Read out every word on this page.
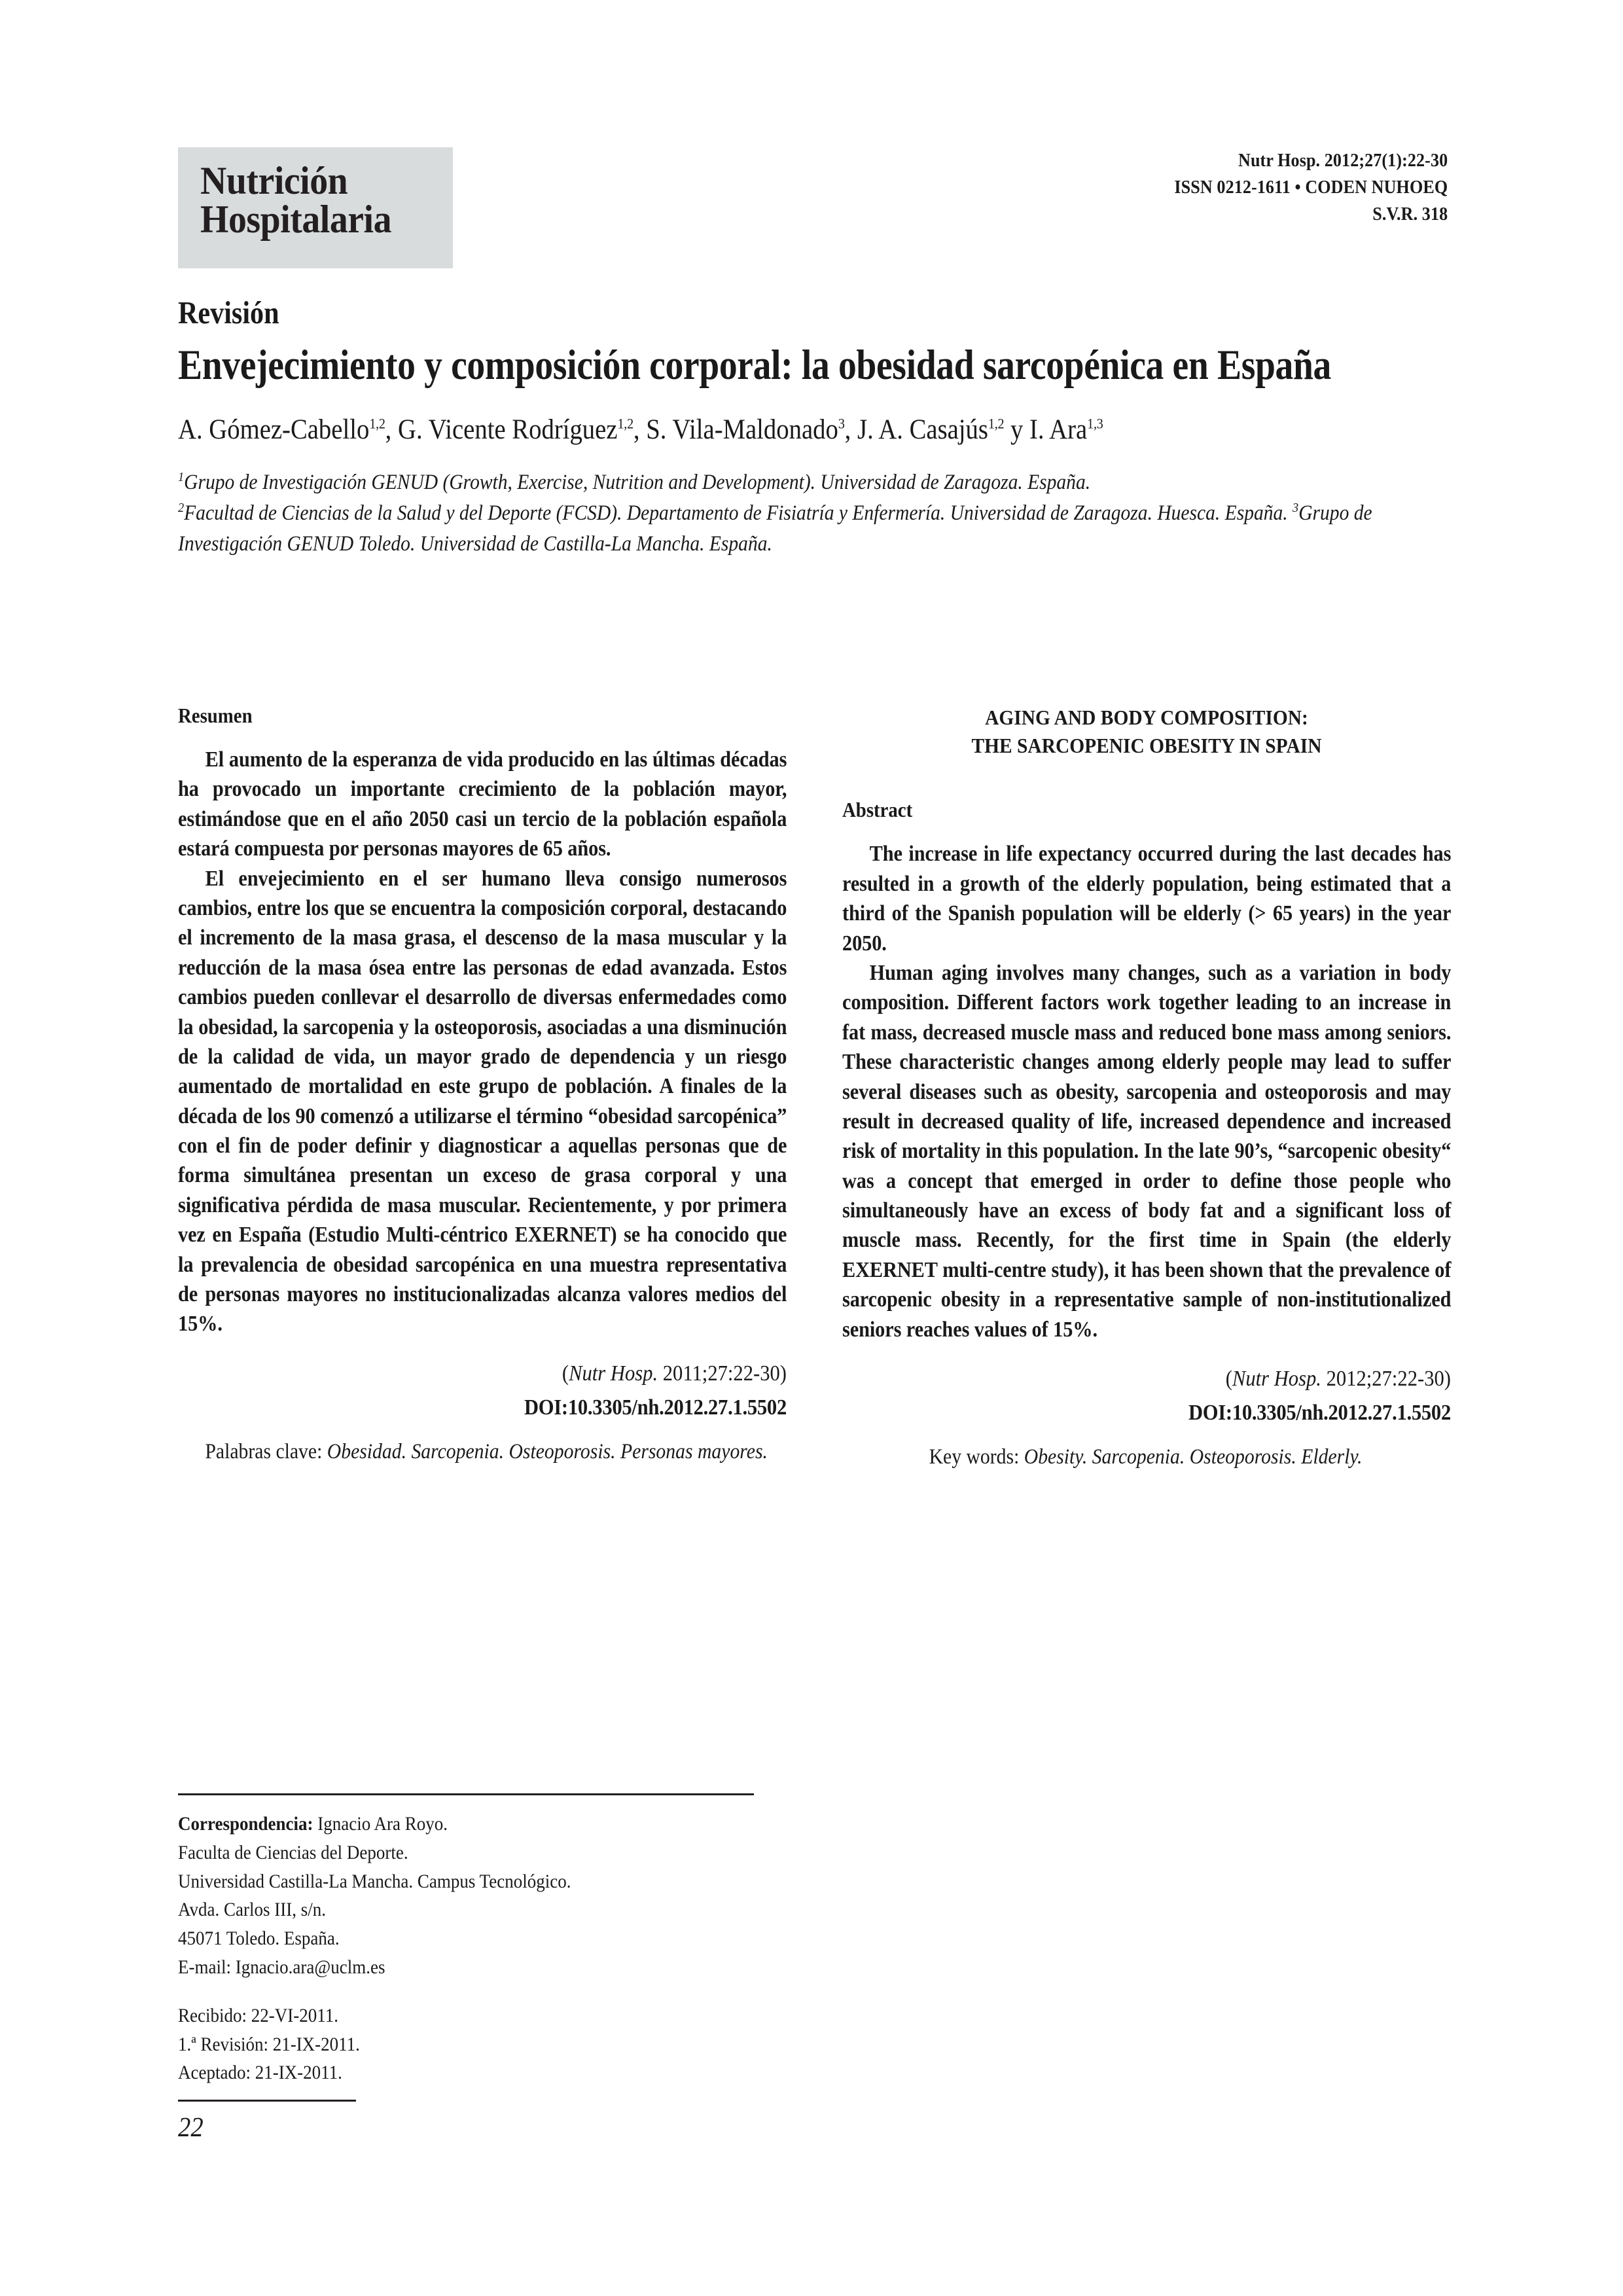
Nutrición
Hospitalaria
Nutr Hosp. 2012;27(1):22-30
ISSN 0212-1611 • CODEN NUHOEQ
S.V.R. 318
Revisión
Envejecimiento y composición corporal: la obesidad sarcopénica en España
A. Gómez-Cabello$^{1,2}$, G. Vicente Rodríguez$^{1,2}$, S. Vila-Maldonado$^3$, J. A. Casajús$^{1,2}$ y I. Ara$^{1,3}$
$^1$Grupo de Investigación GENUD (Growth, Exercise, Nutrition and Development). Universidad de Zaragoza. España.
$^2$Facultad de Ciencias de la Salud y del Deporte (FCSD). Departamento de Fisiatría y Enfermería. Universidad de Zaragoza. Huesca. España. $^3$Grupo de Investigación GENUD Toledo. Universidad de Castilla-La Mancha. España.
Resumen

El aumento de la esperanza de vida producido en las últimas décadas ha provocado un importante crecimiento de la población mayor, estimándose que en el año 2050 casi un tercio de la población española estará compuesta por personas mayores de 65 años.

El envejecimiento en el ser humano lleva consigo numerosos cambios, entre los que se encuentra la composición corporal, destacando el incremento de la masa grasa, el descenso de la masa muscular y la reducción de la masa ósea entre las personas de edad avanzada. Estos cambios pueden conllevar el desarrollo de diversas enfermedades como la obesidad, la sarcopenia y la osteoporosis, asociadas a una disminución de la calidad de vida, un mayor grado de dependencia y un riesgo aumentado de mortalidad en este grupo de población. A finales de la década de los 90 comenzó a utilizarse el término “obesidad sarcopénica” con el fin de poder definir y diagnosticar a aquellas personas que de forma simultánea presentan un exceso de grasa corporal y una significativa pérdida de masa muscular. Recientemente, y por primera vez en España (Estudio Multi-céntrico EXERNET) se ha conocido que la prevalencia de obesidad sarcopénica en una muestra representativa de personas mayores no institucionalizadas alcanza valores medios del 15%.

(Nutr Hosp. 2011;27:22-30)
DOI:10.3305/nh.2012.27.1.5502
Palabras clave: Obesidad. Sarcopenia. Osteoporosis. Personas mayores.
AGING AND BODY COMPOSITION:
THE SARCOPENIC OBESITY IN SPAIN
Abstract

The increase in life expectancy occurred during the last decades has resulted in a growth of the elderly population, being estimated that a third of the Spanish population will be elderly (> 65 years) in the year 2050.

Human aging involves many changes, such as a variation in body composition. Different factors work together leading to an increase in fat mass, decreased muscle mass and reduced bone mass among seniors. These characteristic changes among elderly people may lead to suffer several diseases such as obesity, sarcopenia and osteoporosis and may result in decreased quality of life, increased dependence and increased risk of mortality in this population. In the late 90’s, “sarcopenic obesity“ was a concept that emerged in order to define those people who simultaneously have an excess of body fat and a significant loss of muscle mass. Recently, for the first time in Spain (the elderly EXERNET multi-centre study), it has been shown that the prevalence of sarcopenic obesity in a representative sample of non-institutionalized seniors reaches values of 15%.

(Nutr Hosp. 2012;27:22-30)
DOI:10.3305/nh.2012.27.1.5502
Key words: Obesity. Sarcopenia. Osteoporosis. Elderly.
Correspondencia: Ignacio Ara Royo.
Faculta de Ciencias del Deporte.
Universidad Castilla-La Mancha. Campus Tecnológico.
Avda. Carlos III, s/n.
45071 Toledo. España.
E-mail: Ignacio.ara@uclm.es
Recibido: 22-VI-2011.
1.ª Revisión: 21-IX-2011.
Aceptado: 21-IX-2011.
22
